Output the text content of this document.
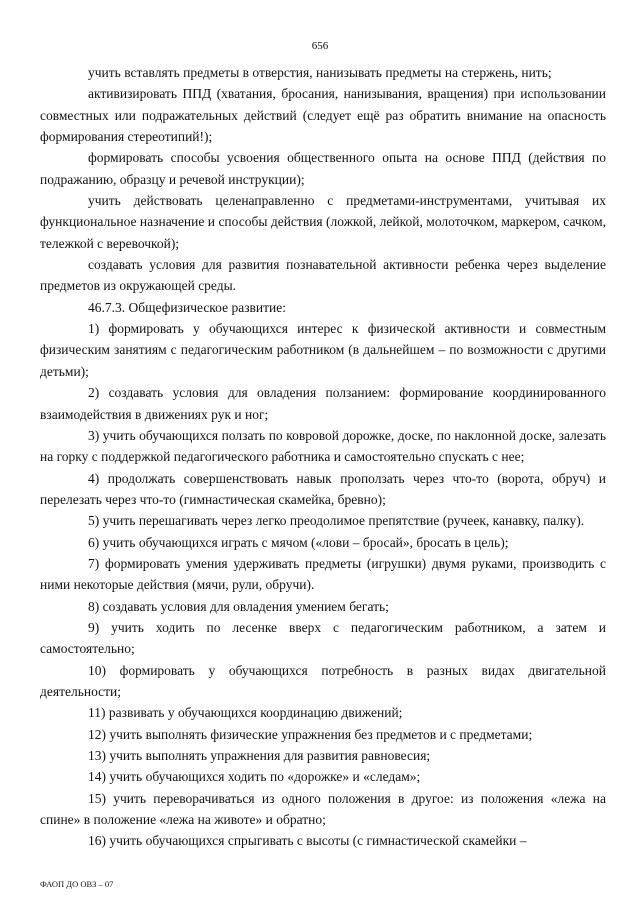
656

учить вставлять предметы в отверстия, нанизывать предметы на стержень, нить;

активизировать ППД (хватания, бросания, нанизывания, вращения) при использовании совместных или подражательных действий (следует ещё раз обратить внимание на опасность формирования стереотипий!);

формировать способы усвоения общественного опыта на основе ППД (действия по подражанию, образцу и речевой инструкции);

учить действовать целенаправленно с предметами-инструментами, учитывая их функциональное назначение и способы действия (ложкой, лейкой, молоточком, маркером, сачком, тележкой с веревочкой);

создавать условия для развития познавательной активности ребенка через выделение предметов из окружающей среды.

46.7.3. Общефизическое развитие:

1) формировать у обучающихся интерес к физической активности и совместным физическим занятиям с педагогическим работником (в дальнейшем – по возможности с другими детьми);

2) создавать условия для овладения ползанием: формирование координированного взаимодействия в движениях рук и ног;

3) учить обучающихся ползать по ковровой дорожке, доске, по наклонной доске, залезать на горку с поддержкой педагогического работника и самостоятельно спускать с нее;

4) продолжать совершенствовать навык проползать через что-то (ворота, обруч) и перелезать через что-то (гимнастическая скамейка, бревно);

5) учить перешагивать через легко преодолимое препятствие (ручеек, канавку, палку).

6) учить обучающихся играть с мячом («лови – бросай», бросать в цель);

7) формировать умения удерживать предметы (игрушки) двумя руками, производить с ними некоторые действия (мячи, рули, обручи).

8) создавать условия для овладения умением бегать;

9) учить ходить по лесенке вверх с педагогическим работником, а затем и самостоятельно;

10) формировать у обучающихся потребность в разных видах двигательной деятельности;

11) развивать у обучающихся координацию движений;

12) учить выполнять физические упражнения без предметов и с предметами;

13) учить выполнять упражнения для развития равновесия;

14) учить обучающихся ходить по «дорожке» и «следам»;

15) учить переворачиваться из одного положения в другое: из положения «лежа на спине» в положение «лежа на животе» и обратно;

16) учить обучающихся спрыгивать с высоты (с гимнастической скамейки –

ФАОП ДО ОВЗ – 07
